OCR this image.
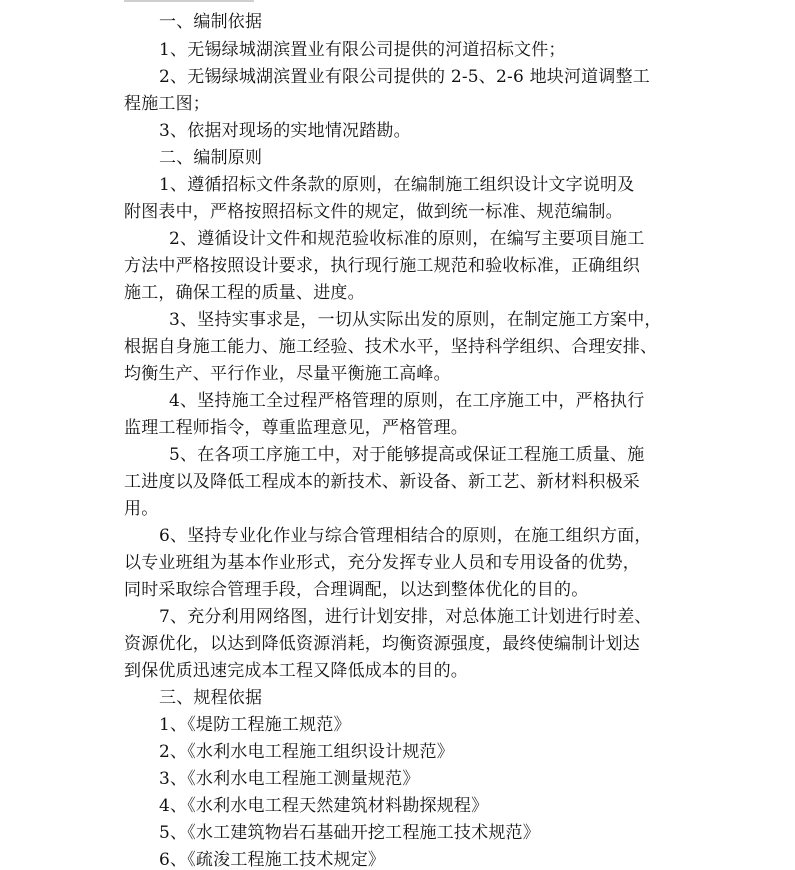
一、编制依据
1、无锡绿城湖滨置业有限公司提供的河道招标文件；
2、无锡绿城湖滨置业有限公司提供的 2-5、2-6 地块河道调整工
程施工图；
3、依据对现场的实地情况踏勘。
二、编制原则
1、遵循招标文件条款的原则，在编制施工组织设计文字说明及
附图表中，严格按照招标文件的规定，做到统一标准、规范编制。
2、遵循设计文件和规范验收标准的原则，在编写主要项目施工
方法中严格按照设计要求，执行现行施工规范和验收标准，正确组织
施工，确保工程的质量、进度。
3、坚持实事求是，一切从实际出发的原则，在制定施工方案中，
根据自身施工能力、施工经验、技术水平，坚持科学组织、合理安排、
均衡生产、平行作业，尽量平衡施工高峰。
4、坚持施工全过程严格管理的原则，在工序施工中，严格执行
监理工程师指令，尊重监理意见，严格管理。
5、在各项工序施工中，对于能够提高或保证工程施工质量、施
工进度以及降低工程成本的新技术、新设备、新工艺、新材料积极采
用。
6、坚持专业化作业与综合管理相结合的原则，在施工组织方面，
以专业班组为基本作业形式，充分发挥专业人员和专用设备的优势，
同时采取综合管理手段，合理调配，以达到整体优化的目的。
7、充分利用网络图，进行计划安排，对总体施工计划进行时差、
资源优化，以达到降低资源消耗，均衡资源强度，最终使编制计划达
到保优质迅速完成本工程又降低成本的目的。
三、规程依据
1、《堤防工程施工规范》
2、《水利水电工程施工组织设计规范》
3、《水利水电工程施工测量规范》
4、《水利水电工程天然建筑材料勘探规程》
5、《水工建筑物岩石基础开挖工程施工技术规范》
6、《疏浚工程施工技术规定》
